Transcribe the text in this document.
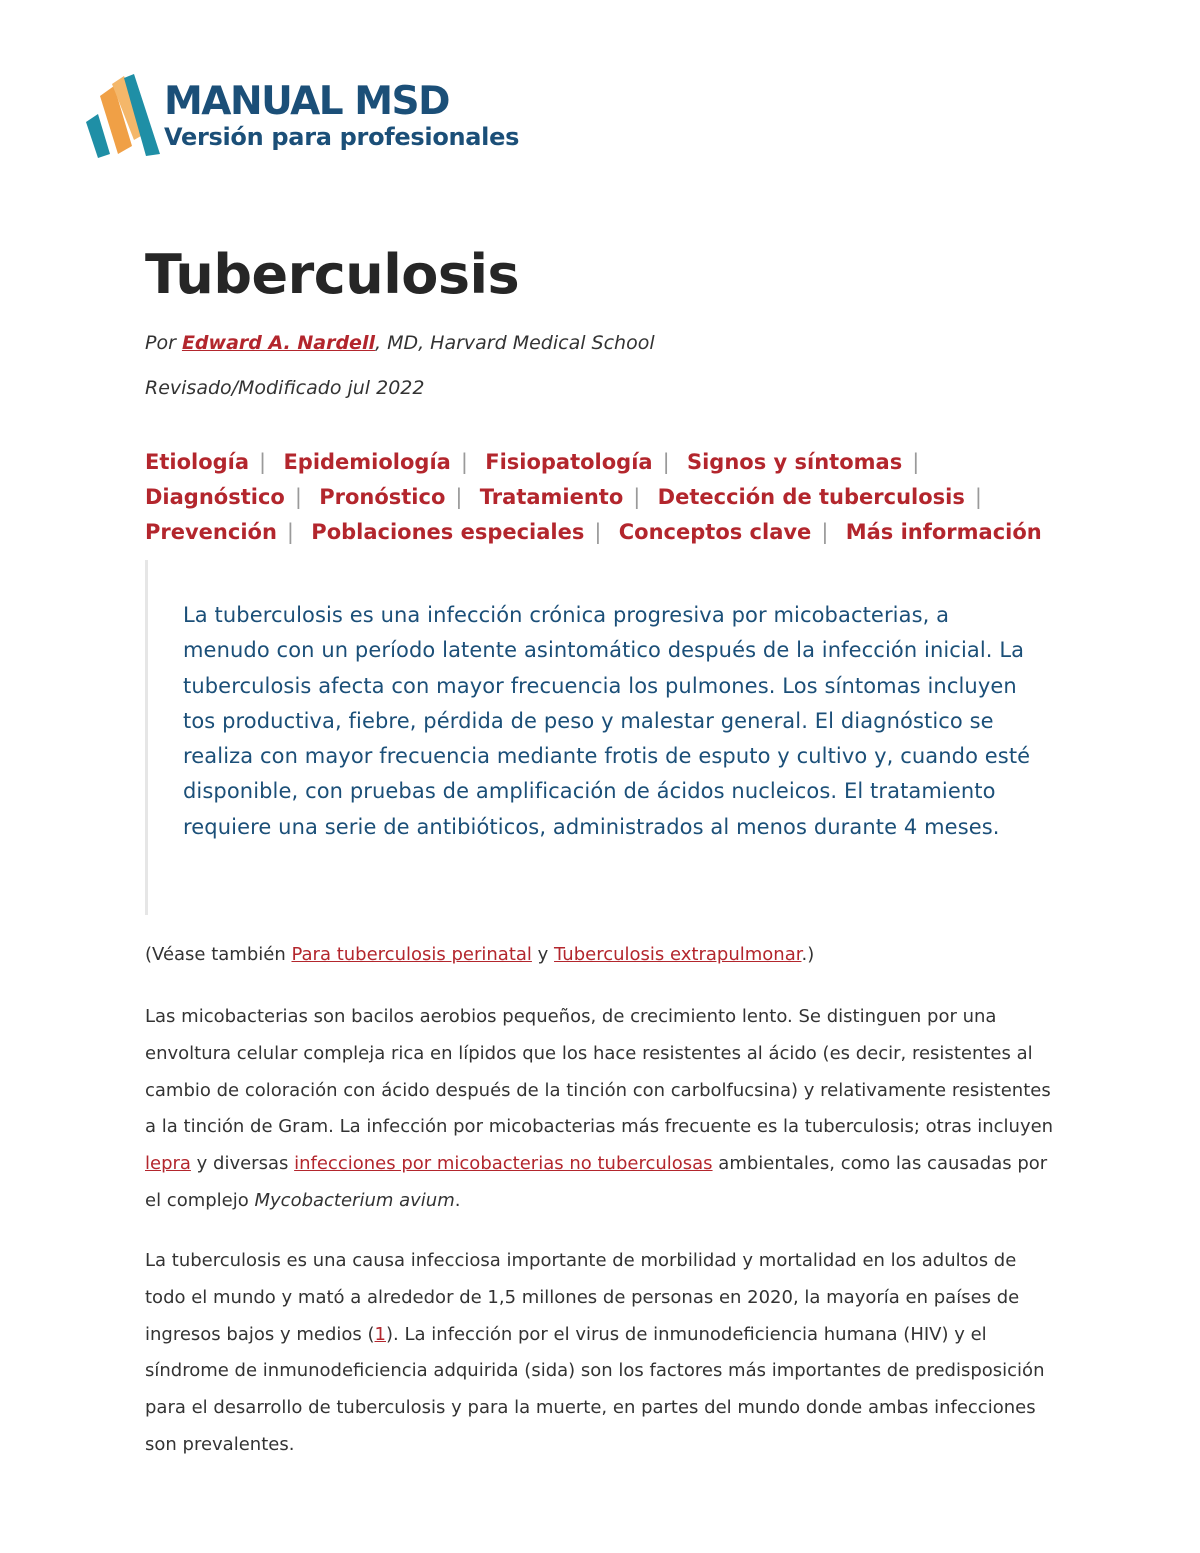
MANUAL MSD
Versión para profesionales
Tuberculosis
Por Edward A. Nardell, MD, Harvard Medical School
Revisado/Modificado jul 2022
Etiología | Epidemiología | Fisiopatología | Signos y síntomas | Diagnóstico | Pronóstico | Tratamiento | Detección de tuberculosis | Prevención | Poblaciones especiales | Conceptos clave | Más información

La tuberculosis es una infección crónica progresiva por micobacterias, a menudo con un período latente asintomático después de la infección inicial. La tuberculosis afecta con mayor frecuencia los pulmones. Los síntomas incluyen tos productiva, fiebre, pérdida de peso y malestar general. El diagnóstico se realiza con mayor frecuencia mediante frotis de esputo y cultivo y, cuando esté disponible, con pruebas de amplificación de ácidos nucleicos. El tratamiento requiere una serie de antibióticos, administrados al menos durante 4 meses.

(Véase también Para tuberculosis perinatal y Tuberculosis extrapulmonar.)

Las micobacterias son bacilos aerobios pequeños, de crecimiento lento. Se distinguen por una envoltura celular compleja rica en lípidos que los hace resistentes al ácido (es decir, resistentes al cambio de coloración con ácido después de la tinción con carbolfucsina) y relativamente resistentes a la tinción de Gram. La infección por micobacterias más frecuente es la tuberculosis; otras incluyen lepra y diversas infecciones por micobacterias no tuberculosas ambientales, como las causadas por el complejo Mycobacterium avium.

La tuberculosis es una causa infecciosa importante de morbilidad y mortalidad en los adultos de todo el mundo y mató a alrededor de 1,5 millones de personas en 2020, la mayoría en países de ingresos bajos y medios (1). La infección por el virus de inmunodeficiencia humana (HIV) y el síndrome de inmunodeficiencia adquirida (sida) son los factores más importantes de predisposición para el desarrollo de tuberculosis y para la muerte, en partes del mundo donde ambas infecciones son prevalentes.
